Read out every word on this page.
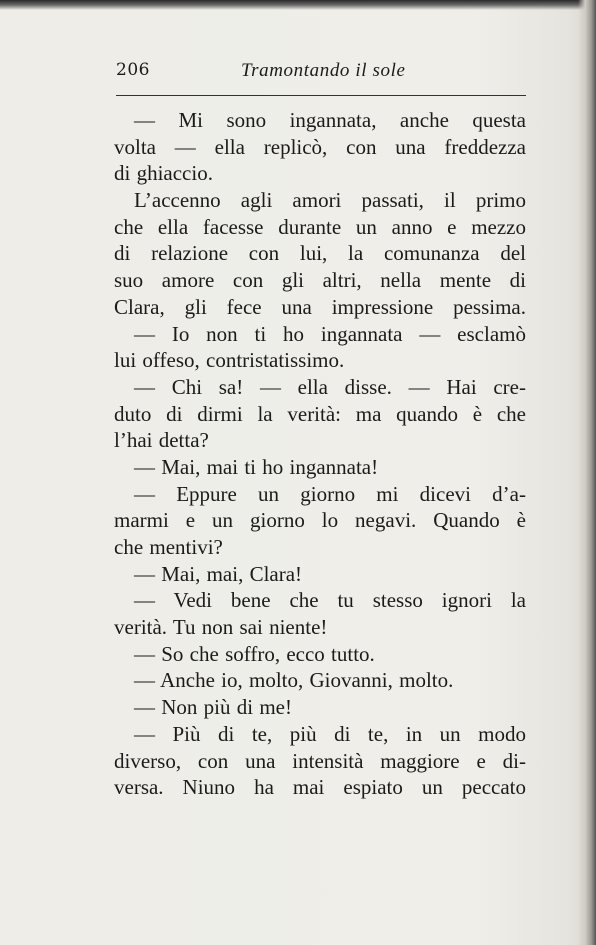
206	Tramontando il sole
— Mi sono ingannata, anche questa
volta — ella replicò, con una freddezza
di ghiaccio.
L’accenno agli amori passati, il primo
che ella facesse durante un anno e mezzo
di relazione con lui, la comunanza del
suo amore con gli altri, nella mente di
Clara, gli fece una impressione pessima.
— Io non ti ho ingannata — esclamò
lui offeso, contristatissimo.
— Chi sa! — ella disse. — Hai cre-
duto di dirmi la verità: ma quando è che
l’hai detta?
— Mai, mai ti ho ingannata!
— Eppure un giorno mi dicevi d’a-
marmi e un giorno lo negavi. Quando è
che mentivi?
— Mai, mai, Clara!
— Vedi bene che tu stesso ignori la
verità. Tu non sai niente!
— So che soffro, ecco tutto.
— Anche io, molto, Giovanni, molto.
— Non più di me!
— Più di te, più di te, in un modo
diverso, con una intensità maggiore e di-
versa. Niuno ha mai espiato un peccato
